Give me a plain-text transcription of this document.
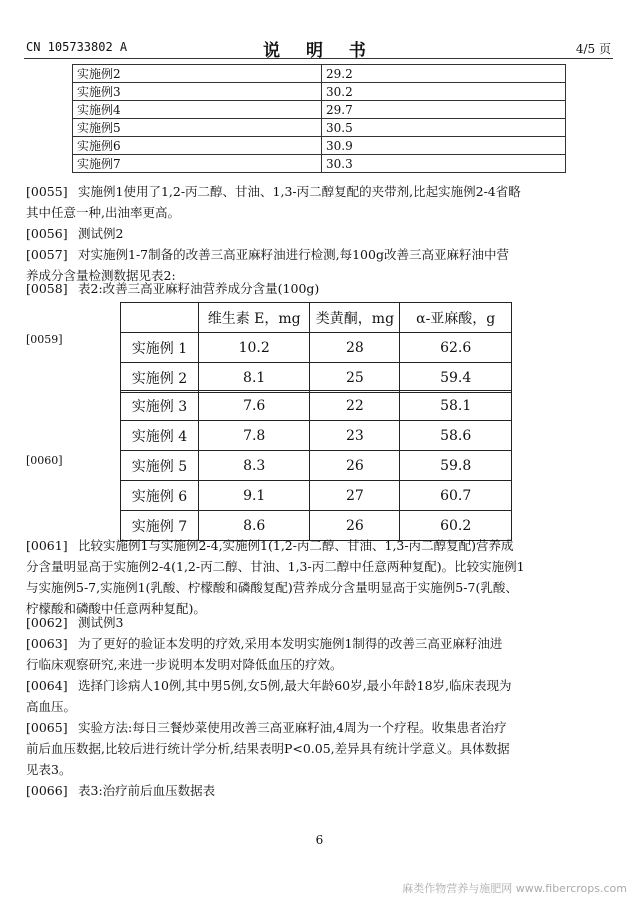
CN 105733802 A	说 明 书	4/5 页
实施例2	29.2
实施例3	30.2
实施例4	29.7
实施例5	30.5
实施例6	30.9
实施例7	30.3
[0055] 实施例1使用了1,2-丙二醇、甘油、1,3-丙二醇复配的夹带剂,比起实施例2-4省略
其中任意一种,出油率更高。
[0056] 测试例2
[0057] 对实施例1-7制备的改善三高亚麻籽油进行检测,每100g改善三高亚麻籽油中营
养成分含量检测数据见表2:
[0058] 表2:改善三高亚麻籽油营养成分含量(100g)
[0059]
	维生素 E，mg	类黄酮，mg	α-亚麻酸，g
实施例 1	10.2	28	62.6
实施例 2	8.1	25	59.4
[0060]
实施例 3	7.6	22	58.1
实施例 4	7.8	23	58.6
实施例 5	8.3	26	59.8
实施例 6	9.1	27	60.7
实施例 7	8.6	26	60.2
[0061] 比较实施例1与实施例2-4,实施例1(1,2-丙二醇、甘油、1,3-丙二醇复配)营养成
分含量明显高于实施例2-4(1,2-丙二醇、甘油、1,3-丙二醇中任意两种复配)。比较实施例1
与实施例5-7,实施例1(乳酸、柠檬酸和磷酸复配)营养成分含量明显高于实施例5-7(乳酸、
柠檬酸和磷酸中任意两种复配)。
[0062] 测试例3
[0063] 为了更好的验证本发明的疗效,采用本发明实施例1制得的改善三高亚麻籽油进
行临床观察研究,来进一步说明本发明对降低血压的疗效。
[0064] 选择门诊病人10例,其中男5例,女5例,最大年龄60岁,最小年龄18岁,临床表现为
高血压。
[0065] 实验方法:每日三餐炒菜使用改善三高亚麻籽油,4周为一个疗程。收集患者治疗
前后血压数据,比较后进行统计学分析,结果表明P<0.05,差异具有统计学意义。具体数据
见表3。
[0066] 表3:治疗前后血压数据表
6
麻类作物营养与施肥网 www.fibercrops.com
